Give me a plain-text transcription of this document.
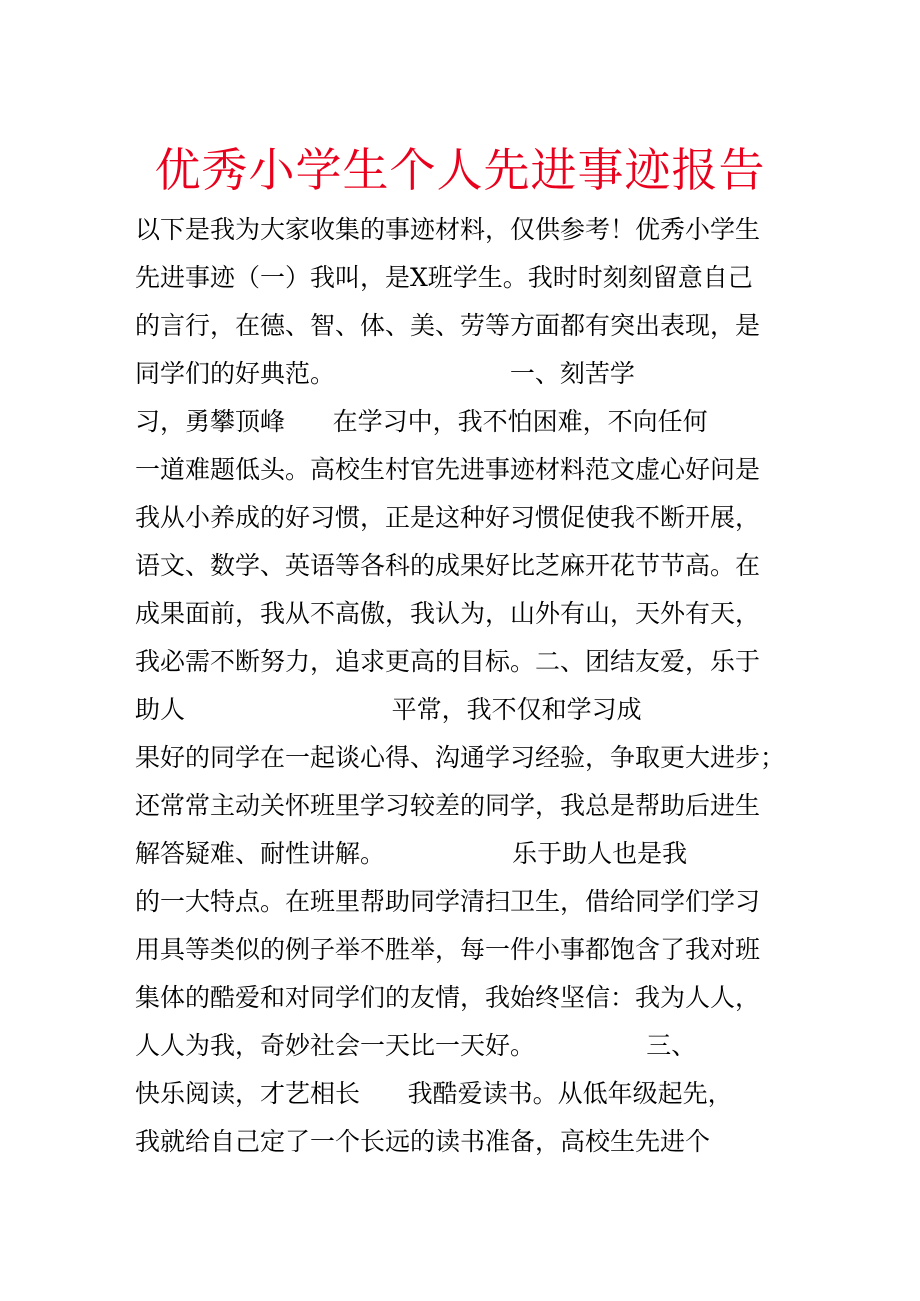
优秀小学生个人先进事迹报告
以下是我为大家收集的事迹材料，仅供参考！优秀小学生
先进事迹（一）我叫，是X班学生。我时时刻刻留意自己
的言行，在德、智、体、美、劳等方面都有突出表现，是
同学们的好典范。                      一、刻苦学
习，勇攀顶峰      在学习中，我不怕困难，不向任何
一道难题低头。高校生村官先进事迹材料范文虚心好问是
我从小养成的好习惯，正是这种好习惯促使我不断开展，
语文、数学、英语等各科的成果好比芝麻开花节节高。在
成果面前，我从不高傲，我认为，山外有山，天外有天，
我必需不断努力，追求更高的目标。二、团结友爱，乐于
助人                          平常，我不仅和学习成
果好的同学在一起谈心得、沟通学习经验，争取更大进步；
还常常主动关怀班里学习较差的同学，我总是帮助后进生
解答疑难、耐性讲解。                乐于助人也是我
的一大特点。在班里帮助同学清扫卫生，借给同学们学习
用具等类似的例子举不胜举，每一件小事都饱含了我对班
集体的酷爱和对同学们的友情，我始终坚信：我为人人，
人人为我，奇妙社会一天比一天好。              三、
快乐阅读，才艺相长      我酷爱读书。从低年级起先，
我就给自己定了一个长远的读书准备，高校生先进个
